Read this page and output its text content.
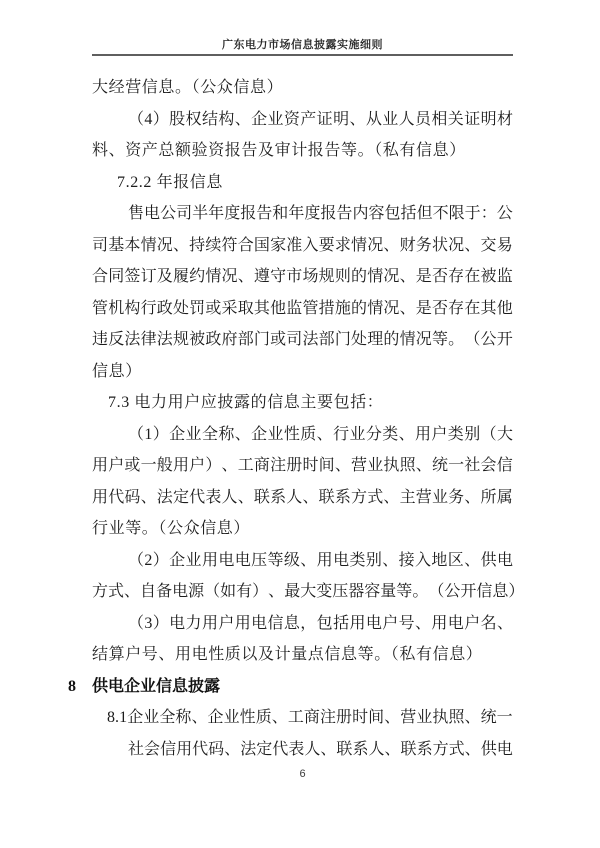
广东电力市场信息披露实施细则
大经营信息。（公众信息）
（ 4 ） 股 权 结 构 、 企 业 资 产 证 明 、 从 业 人 员 相 关 证 明 材
料、资产总额验资报告及审计报告等。（私有信息）
7.2.2 年报信息
售 电 公 司 半 年 度 报 告 和 年 度 报 告 内 容 包 括 但 不 限 于 ： 公
司 基 本 情 况 、 持 续 符 合 国 家 准 入 要 求 情 况 、 财 务 状 况 、 交 易
合 同 签 订 及 履 约 情 况 、 遵 守 市 场 规 则 的 情 况 、 是 否 存 在 被 监
管 机 构 行 政 处 罚 或 采 取 其 他 监 管 措 施 的 情 况 、 是 否 存 在 其 他
违 反 法 律 法 规 被 政 府 部 门 或 司 法 部 门 处 理 的 情 况 等 。 （ 公 开
信息）
7.3 电力用户应披露的信息主要包括：
（ 1 ） 企 业 全 称 、 企 业 性 质 、 行 业 分 类 、 用 户 类 别 （ 大
用 户 或 一 般 用 户 ） 、 工 商 注 册 时 间 、 营 业 执 照 、 统 一 社 会 信
用 代 码 、 法 定 代 表 人 、 联 系 人 、 联 系 方 式 、 主 营 业 务 、 所 属
行业等。（公众信息）
（ 2 ） 企 业 用 电 电 压 等 级 、 用 电 类 别 、 接 入 地 区 、 供 电
方 式 、 自 备 电 源 （ 如 有 ） 、 最 大 变 压 器 容 量 等 。 （ 公 开 信 息 ）
（ 3 ） 电 力 用 户 用 电 信 息 ， 包 括 用 电 户 号 、 用 电 户 名 、
结算户号、用电性质以及计量点信息等。（私有信息）
8	供电企业信息披露
8 . 1 企 业 全 称 、 企 业 性 质 、 工 商 注 册 时 间 、 营 业 执 照 、 统 一
社 会 信 用 代 码 、 法 定 代 表 人 、 联 系 人 、 联 系 方 式 、 供 电
6
